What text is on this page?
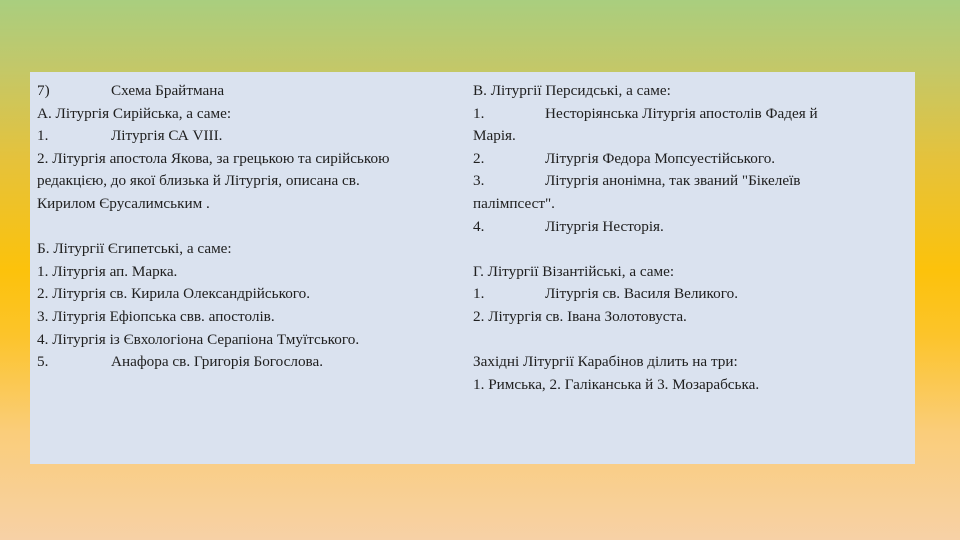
7)	Схема Брайтмана
А. Літургія Сирійська, а саме:
1.	Літургія СА VIII.
2. Літургія апостола Якова, за грецькою та сирійською
редакцією, до якої близька й Літургія, описана св.
Кирилом Єрусалимським .
Б. Літургії Єгипетські, а саме:
1. Літургія ап. Марка.
2. Літургія св. Кирила Олександрійського.
3. Літургія Ефіопська свв. апостолів.
4. Літургія із Євхологіона Серапіона Тмуїтського.
5.	Анафора св. Григорія Богослова.
В. Літургії Персидські, а саме:
1.	Несторіянська Літургія апостолів Фадея й
Марія.
2.	Літургія Федора Мопсуестійського.
3.	Літургія анонімна, так званий "Бікелеїв
палімпсест".
4.	Літургія Несторія.
Г. Літургії Візантійські, а саме:
1.	Літургія св. Василя Великого.
2. Літургія св. Івана Золотовуста.
Західні Літургії Карабінов ділить на три:
1. Римська, 2. Галіканська й 3. Мозарабська.
